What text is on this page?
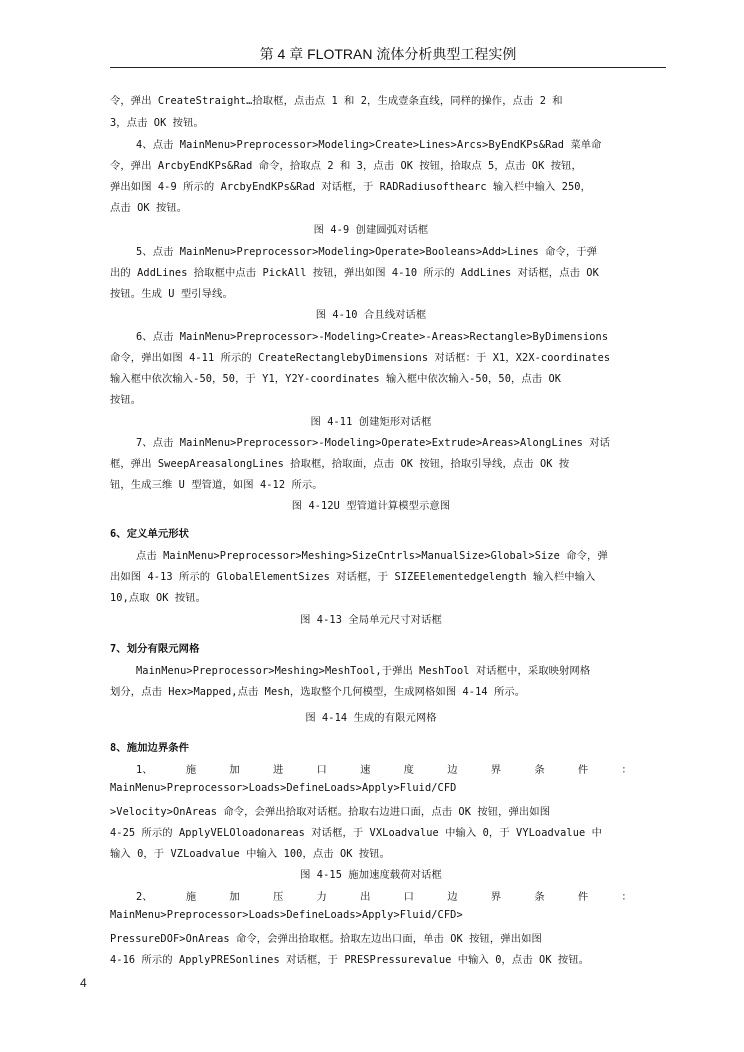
第 4 章 FLOTRAN 流体分析典型工程实例
令，弹出 CreateStraight…拾取框，点击点 1 和 2，生成壹条直线，同样的操作，点击 2 和
3，点击 OK 按钮。
4、点击 MainMenu>Preprocessor>Modeling>Create>Lines>Arcs>ByEndKPs&Rad 菜单命
令，弹出 ArcbyEndKPs&Rad 命令，拾取点 2 和 3，点击 OK 按钮，拾取点 5，点击 OK 按钮，
弹出如图 4-9 所示的 ArcbyEndKPs&Rad 对话框，于 RADRadiusofthearc 输入栏中输入 250，
点击 OK 按钮。
图 4-9 创建圆弧对话框
5、点击 MainMenu>Preprocessor>Modeling>Operate>Booleans>Add>Lines 命令，于弹
出的 AddLines 拾取框中点击 PickAll 按钮，弹出如图 4-10 所示的 AddLines 对话框，点击 OK
按钮。生成 U 型引导线。
图 4-10 合且线对话框
6、点击 MainMenu>Preprocessor>-Modeling>Create>-Areas>Rectangle>ByDimensions
命令，弹出如图 4-11 所示的 CreateRectanglebyDimensions 对话框：于 X1，X2X-coordinates
输入框中依次输入-50，50，于 Y1，Y2Y-coordinates 输入框中依次输入-50，50，点击 OK
按钮。
图 4-11 创建矩形对话框
7、点击 MainMenu>Preprocessor>-Modeling>Operate>Extrude>Areas>AlongLines 对话
框，弹出 SweepAreasalongLines 拾取框，拾取面，点击 OK 按钮，拾取引导线，点击 OK 按
钮，生成三维 U 型管道，如图 4-12 所示。
图 4-12U 型管道计算模型示意图
6、定义单元形状
点击 MainMenu>Preprocessor>Meshing>SizeCntrls>ManualSize>Global>Size 命令，弹
出如图 4-13 所示的 GlobalElementSizes 对话框，于 SIZEElementedgelength 输入栏中输入
10,点取 OK 按钮。
图 4-13 全局单元尺寸对话框
7、划分有限元网格
MainMenu>Preprocessor>Meshing>MeshTool,于弹出 MeshTool 对话框中，采取映射网格
划分，点击 Hex>Mapped,点击 Mesh，选取整个几何模型，生成网格如图 4-14 所示。
图 4-14 生成的有限元网格
8、施加边界条件
1、	施	加	进	口	速	度	边	界	条	件	：
MainMenu>Preprocessor>Loads>DefineLoads>Apply>Fluid/CFD
>Velocity>OnAreas 命令，会弹出拾取对话框。拾取右边进口面，点击 OK 按钮，弹出如图
4-25 所示的 ApplyVELOloadonareas 对话框，于 VXLoadvalue 中输入 0，于 VYLoadvalue 中
输入 0，于 VZLoadvalue 中输入 100，点击 OK 按钮。
图 4-15 施加速度载荷对话框
2、	施	加	压	力	出	口	边	界	条	件	：
MainMenu>Preprocessor>Loads>DefineLoads>Apply>Fluid/CFD>
PressureDOF>OnAreas 命令，会弹出拾取框。拾取左边出口面，单击 OK 按钮，弹出如图
4-16 所示的 ApplyPRESonlines 对话框，于 PRESPressurevalue 中输入 0，点击 OK 按钮。
4
